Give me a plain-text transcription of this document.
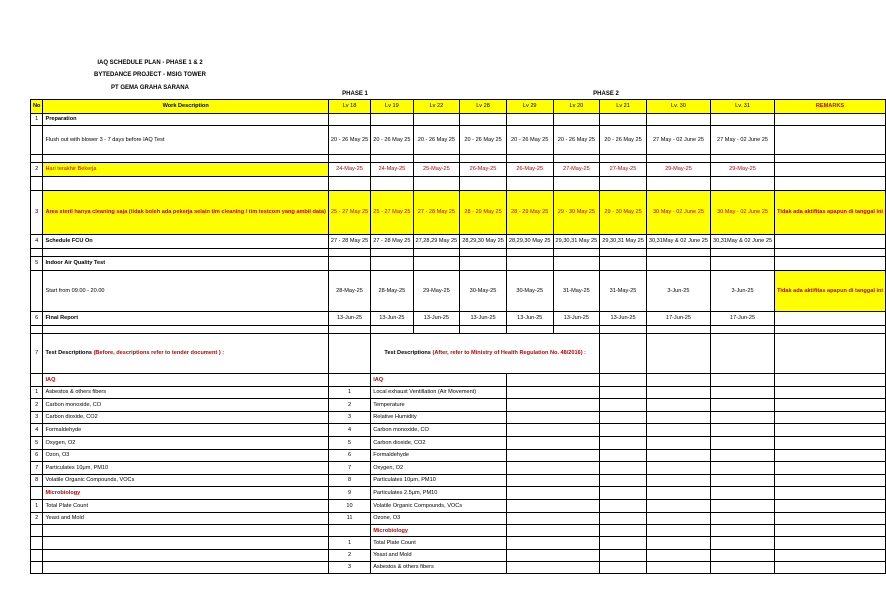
IAQ SCHEDULE PLAN - PHASE 1 & 2
BYTEDANCE PROJECT - MSIG TOWER
PT GEMA GRAHA SARANA
PHASE 1	PHASE 2
No	Work Description	Lv 18	Lv 19	Lv 22	Lv 28	Lv 29	Lv 20	Lv 21	Lv. 30	Lv. 31	REMARKS
1	Preparation										
	Flush out with blower 3 - 7 days before IAQ Test	20 - 26 May 25	20 - 26 May 25	20 - 26 May 25	20 - 26 May 25	20 - 26 May 25	20 - 26 May 25	20 - 26 May 25	27 May - 02 June 25	27 May - 02 June 25	

2	Hari terakhir Bekerja	24-May-25	24-May-25	25-May-25	26-May-25	26-May-25	27-May-25	27-May-25	29-May-25	29-May-25	

3	Area steril hanya cleaning saja (tidak boleh ada pekerja selain tim cleaning / tim testcom yang ambil data)	25 - 27 May 25	25 - 27 May 25	27 - 28 May 25	28 - 29 May 25	28 - 29 May 25	29 - 30 May 25	29 - 30 May 25	30 May - 02 June 25	30 May - 02 June 25	Tidak ada aktifitas apapun di tanggal ini
4	Schedule FCU On	27 - 28 May 25	27 - 28 May 25	27,28,29 May 25	28,29,30 May 25	28,29,30 May 25	29,30,31 May 25	29,30,31 May 25	30,31May & 02 June 25	30,31May & 02 June 25	

5	Indoor Air Quality Test										
	Start from 09.00 - 20.00	28-May-25	28-May-25	29-May-25	30-May-25	30-May-25	31-May-25	31-May-25	3-Jun-25	3-Jun-25	Tidak ada aktifitas apapun di tanggal ini
6	Final Report	13-Jun-25	13-Jun-25	13-Jun-25	13-Jun-25	13-Jun-25	13-Jun-25	13-Jun-25	17-Jun-25	17-Jun-25	

7	Test Descriptions (Before, descriptions refer to tender document ) :		Test Descriptions (After, refer to Ministry of Health Regulation No. 48/2016) :								
	IAQ		IAQ								
1	Asbestos & others fibers	1	Local exhaust Ventillation (Air Movement)								
2	Carbon monoxide, CO	2	Temperature								
3	Carbon dioxide, CO2	3	Relative Humidity								
4	Formaldehyde	4	Carbon monoxide, CO								
5	Oxygen, O2	5	Carbon dioxide, CO2								
6	Ozon, O3	6	Formaldehyde								
7	Particulates 10μm, PM10	7	Oxygen, O2								
8	Volatile Organic Compounds, VOCs	8	Particulates 10μm, PM10								
	Microbiology	9	Particulates 2.5μm, PM10								
1	Total Plate Count	10	Volatile Organic Compounds, VOCs								
2	Yeast and Mold	11	Ozone, O3								
			Microbiology								
		1	Total Plate Count								
		2	Yeast and Mold								
		3	Asbestos & others fibers								
